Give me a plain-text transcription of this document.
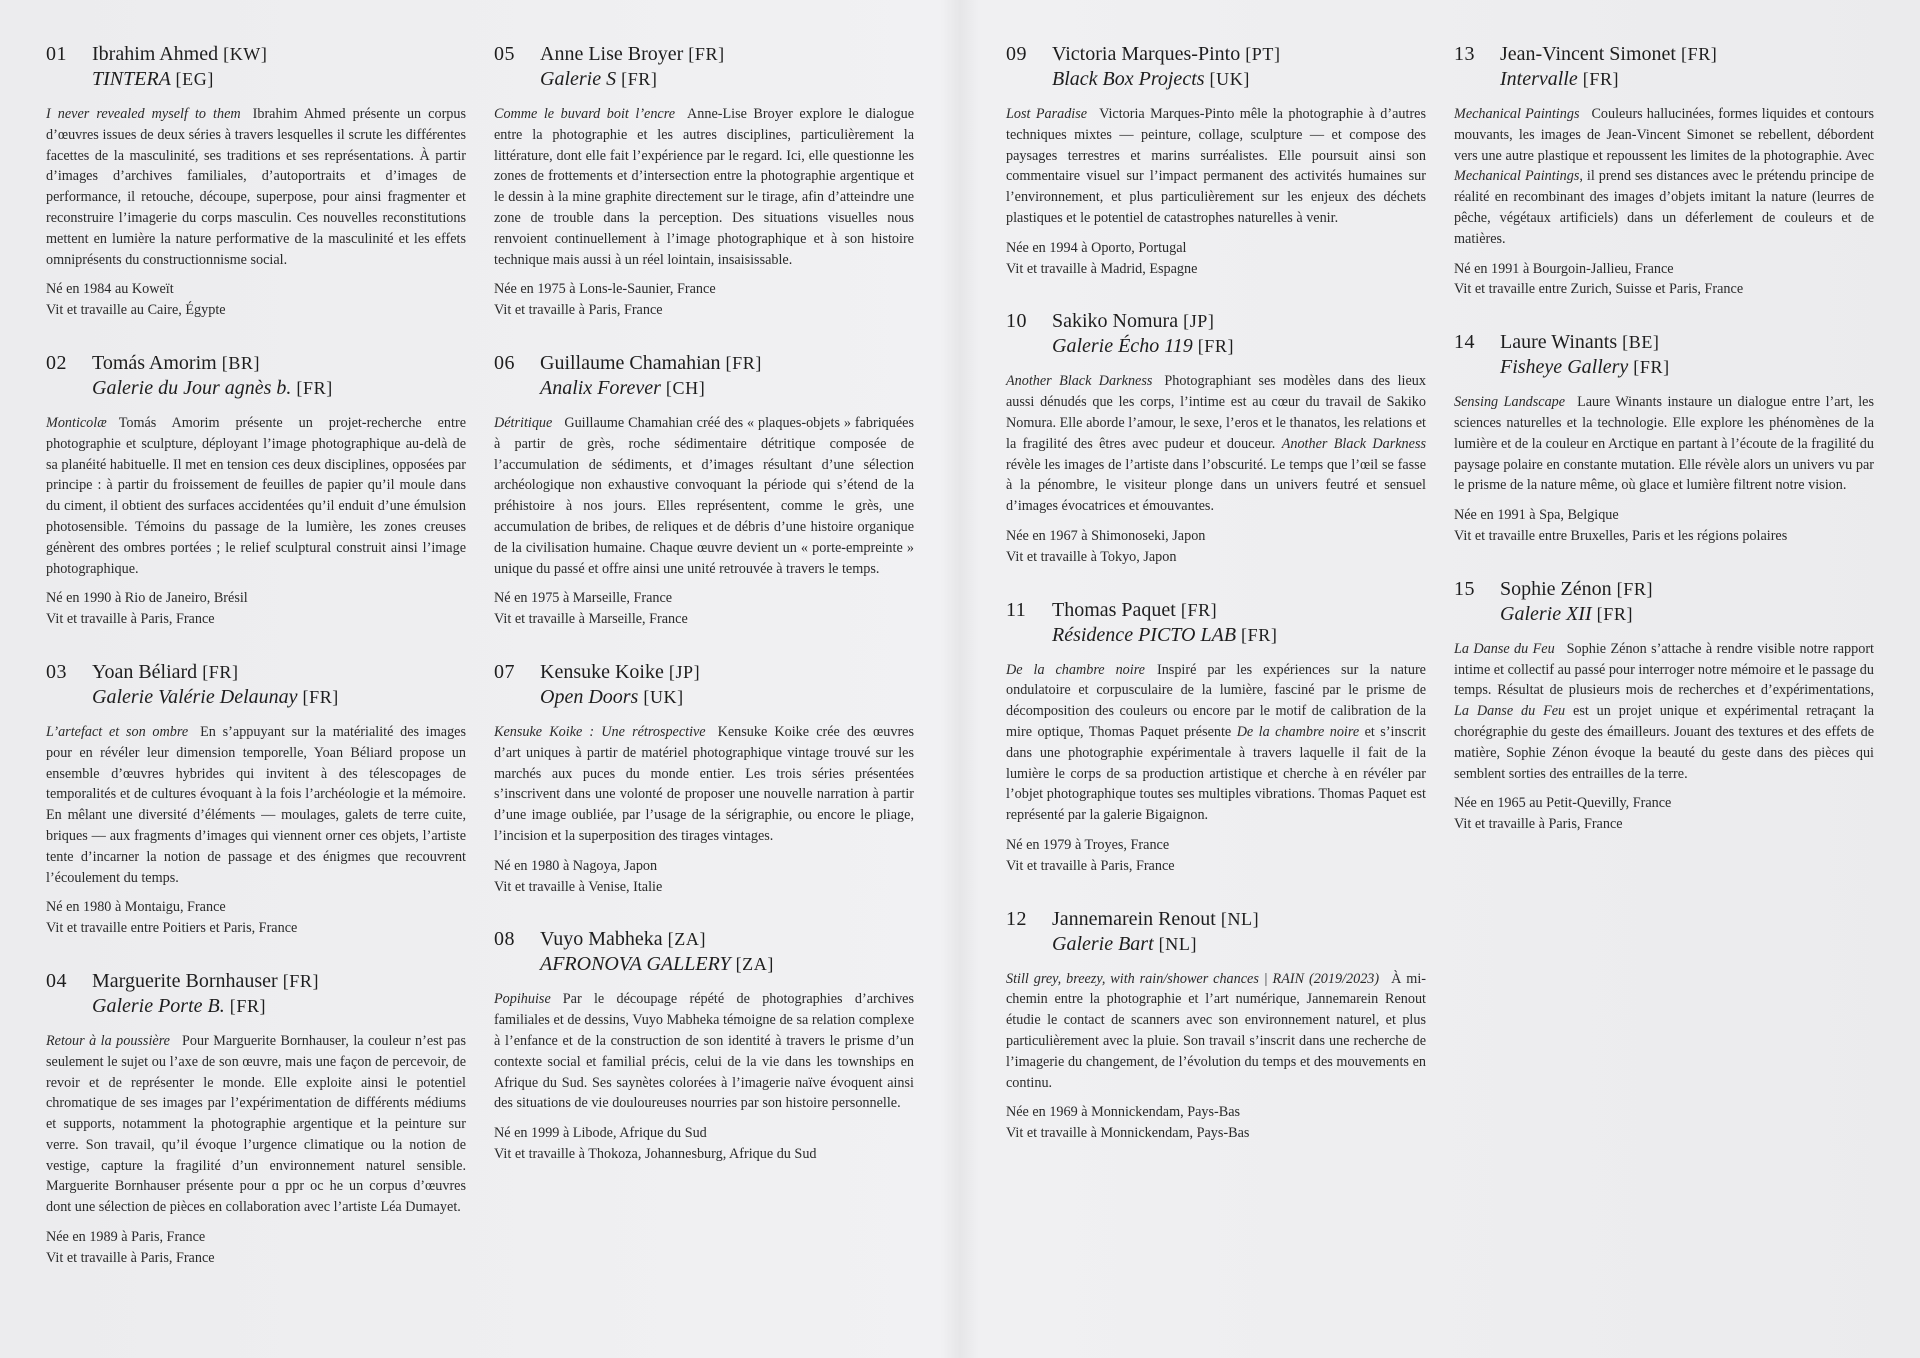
01	Ibrahim Ahmed [KW]
TINTERA [EG]

I never revealed myself to them Ibrahim Ahmed présente un corpus d’œuvres issues de deux séries à travers lesquelles il scrute les différentes facettes de la masculinité, ses traditions et ses représentations. À partir d’images d’archives familiales, d’autoportraits et d’images de performance, il retouche, découpe, superpose, pour ainsi fragmenter et reconstruire l’imagerie du corps masculin. Ces nouvelles reconstitutions mettent en lumière la nature performative de la masculinité et les effets omniprésents du constructionnisme social.

Né en 1984 au Koweït
Vit et travaille au Caire, Égypte
02	Tomás Amorim [BR]
Galerie du Jour agnès b. [FR]

Monticolæ Tomás Amorim présente un projet-recherche entre photographie et sculpture, déployant l’image photographique au-delà de sa planéité habituelle. Il met en tension ces deux disciplines, opposées par principe : à partir du froissement de feuilles de papier qu’il moule dans du ciment, il obtient des surfaces accidentées qu’il enduit d’une émulsion photosensible. Témoins du passage de la lumière, les zones creuses génèrent des ombres portées ; le relief sculptural construit ainsi l’image photographique.

Né en 1990 à Rio de Janeiro, Brésil
Vit et travaille à Paris, France
03	Yoan Béliard [FR]
Galerie Valérie Delaunay [FR]

L’artefact et son ombre En s’appuyant sur la matérialité des images pour en révéler leur dimension temporelle, Yoan Béliard propose un ensemble d’œuvres hybrides qui invitent à des télescopages de temporalités et de cultures évoquant à la fois l’archéologie et la mémoire. En mêlant une diversité d’éléments — moulages, galets de terre cuite, briques — aux fragments d’images qui viennent orner ces objets, l’artiste tente d’incarner la notion de passage et des énigmes que recouvrent l’écoulement du temps.

Né en 1980 à Montaigu, France
Vit et travaille entre Poitiers et Paris, France
04	Marguerite Bornhauser [FR]
Galerie Porte B. [FR]

Retour à la poussière Pour Marguerite Bornhauser, la couleur n’est pas seulement le sujet ou l’axe de son œuvre, mais une façon de percevoir, de revoir et de représenter le monde. Elle exploite ainsi le potentiel chromatique de ses images par l’expérimentation de différents médiums et supports, notamment la photographie argentique et la peinture sur verre. Son travail, qu’il évoque l’urgence climatique ou la notion de vestige, capture la fragilité d’un environnement naturel sensible. Marguerite Bornhauser présente pour ɑ ppr oc he un corpus d’œuvres dont une sélection de pièces en collaboration avec l’artiste Léa Dumayet.

Née en 1989 à Paris, France
Vit et travaille à Paris, France
05	Anne Lise Broyer [FR]
Galerie S [FR]

Comme le buvard boit l’encre Anne-Lise Broyer explore le dialogue entre la photographie et les autres disciplines, particulièrement la littérature, dont elle fait l’expérience par le regard. Ici, elle questionne les zones de frottements et d’intersection entre la photographie argentique et le dessin à la mine graphite directement sur le tirage, afin d’atteindre une zone de trouble dans la perception. Des situations visuelles nous renvoient continuellement à l’image photographique et à son histoire technique mais aussi à un réel lointain, insaisissable.

Née en 1975 à Lons-le-Saunier, France
Vit et travaille à Paris, France
06	Guillaume Chamahian [FR]
Analix Forever [CH]

Détritique Guillaume Chamahian créé des « plaques-objets » fabriquées à partir de grès, roche sédimentaire détritique composée de l’accumulation de sédiments, et d’images résultant d’une sélection archéologique non exhaustive convoquant la période qui s’étend de la préhistoire à nos jours. Elles représentent, comme le grès, une accumulation de bribes, de reliques et de débris d’une histoire organique de la civilisation humaine. Chaque œuvre devient un « porte-empreinte » unique du passé et offre ainsi une unité retrouvée à travers le temps.

Né en 1975 à Marseille, France
Vit et travaille à Marseille, France
07	Kensuke Koike [JP]
Open Doors [UK]

Kensuke Koike : Une rétrospective Kensuke Koike crée des œuvres d’art uniques à partir de matériel photographique vintage trouvé sur les marchés aux puces du monde entier. Les trois séries présentées s’inscrivent dans une volonté de proposer une nouvelle narration à partir d’une image oubliée, par l’usage de la sérigraphie, ou encore le pliage, l’incision et la superposition des tirages vintages.

Né en 1980 à Nagoya, Japon
Vit et travaille à Venise, Italie
08	Vuyo Mabheka [ZA]
AFRONOVA GALLERY [ZA]

Popihuise Par le découpage répété de photographies d’archives familiales et de dessins, Vuyo Mabheka témoigne de sa relation complexe à l’enfance et de la construction de son identité à travers le prisme d’un contexte social et familial précis, celui de la vie dans les townships en Afrique du Sud. Ses saynètes colorées à l’imagerie naïve évoquent ainsi des situations de vie douloureuses nourries par son histoire personnelle.

Né en 1999 à Libode, Afrique du Sud
Vit et travaille à Thokoza, Johannesburg, Afrique du Sud
09	Victoria Marques-Pinto [PT]
Black Box Projects [UK]

Lost Paradise Victoria Marques-Pinto mêle la photographie à d’autres techniques mixtes — peinture, collage, sculpture — et compose des paysages terrestres et marins surréalistes. Elle poursuit ainsi son commentaire visuel sur l’impact permanent des activités humaines sur l’environnement, et plus particulièrement sur les enjeux des déchets plastiques et le potentiel de catastrophes naturelles à venir.

Née en 1994 à Oporto, Portugal
Vit et travaille à Madrid, Espagne
10	Sakiko Nomura [JP]
Galerie Écho 119 [FR]

Another Black Darkness Photographiant ses modèles dans des lieux aussi dénudés que les corps, l’intime est au cœur du travail de Sakiko Nomura. Elle aborde l’amour, le sexe, l’eros et le thanatos, les relations et la fragilité des êtres avec pudeur et douceur. Another Black Darkness révèle les images de l’artiste dans l’obscurité. Le temps que l’œil se fasse à la pénombre, le visiteur plonge dans un univers feutré et sensuel d’images évocatrices et émouvantes.

Née en 1967 à Shimonoseki, Japon
Vit et travaille à Tokyo, Japon
11	Thomas Paquet [FR]
Résidence PICTO LAB [FR]

De la chambre noire Inspiré par les expériences sur la nature ondulatoire et corpusculaire de la lumière, fasciné par le prisme de décomposition des couleurs ou encore par le motif de calibration de la mire optique, Thomas Paquet présente De la chambre noire et s’inscrit dans une photographie expérimentale à travers laquelle il fait de la lumière le corps de sa production artistique et cherche à en révéler par l’objet photographique toutes ses multiples vibrations. Thomas Paquet est représenté par la galerie Bigaignon.

Né en 1979 à Troyes, France
Vit et travaille à Paris, France
12	Jannemarein Renout [NL]
Galerie Bart [NL]

Still grey, breezy, with rain/shower chances | RAIN (2019/2023) À mi-chemin entre la photographie et l’art numérique, Jannemarein Renout étudie le contact de scanners avec son environnement naturel, et plus particulièrement avec la pluie. Son travail s’inscrit dans une recherche de l’imagerie du changement, de l’évolution du temps et des mouvements en continu.

Née en 1969 à Monnickendam, Pays-Bas
Vit et travaille à Monnickendam, Pays-Bas
13	Jean-Vincent Simonet [FR]
Intervalle [FR]

Mechanical Paintings Couleurs hallucinées, formes liquides et contours mouvants, les images de Jean-Vincent Simonet se rebellent, débordent vers une autre plastique et repoussent les limites de la photographie. Avec Mechanical Paintings, il prend ses distances avec le prétendu principe de réalité en recombinant des images d’objets imitant la nature (leurres de pêche, végétaux artificiels) dans un déferlement de couleurs et de matières.

Né en 1991 à Bourgoin-Jallieu, France
Vit et travaille entre Zurich, Suisse et Paris, France
14	Laure Winants [BE]
Fisheye Gallery [FR]

Sensing Landscape Laure Winants instaure un dialogue entre l’art, les sciences naturelles et la technologie. Elle explore les phénomènes de la lumière et de la couleur en Arctique en partant à l’écoute de la fragilité du paysage polaire en constante mutation. Elle révèle alors un univers vu par le prisme de la nature même, où glace et lumière filtrent notre vision.

Née en 1991 à Spa, Belgique
Vit et travaille entre Bruxelles, Paris et les régions polaires
15	Sophie Zénon [FR]
Galerie XII [FR]

La Danse du Feu Sophie Zénon s’attache à rendre visible notre rapport intime et collectif au passé pour interroger notre mémoire et le passage du temps. Résultat de plusieurs mois de recherches et d’expérimentations, La Danse du Feu est un projet unique et expérimental retraçant la chorégraphie du geste des émailleurs. Jouant des textures et des effets de matière, Sophie Zénon évoque la beauté du geste dans des pièces qui semblent sorties des entrailles de la terre.

Née en 1965 au Petit-Quevilly, France
Vit et travaille à Paris, France
